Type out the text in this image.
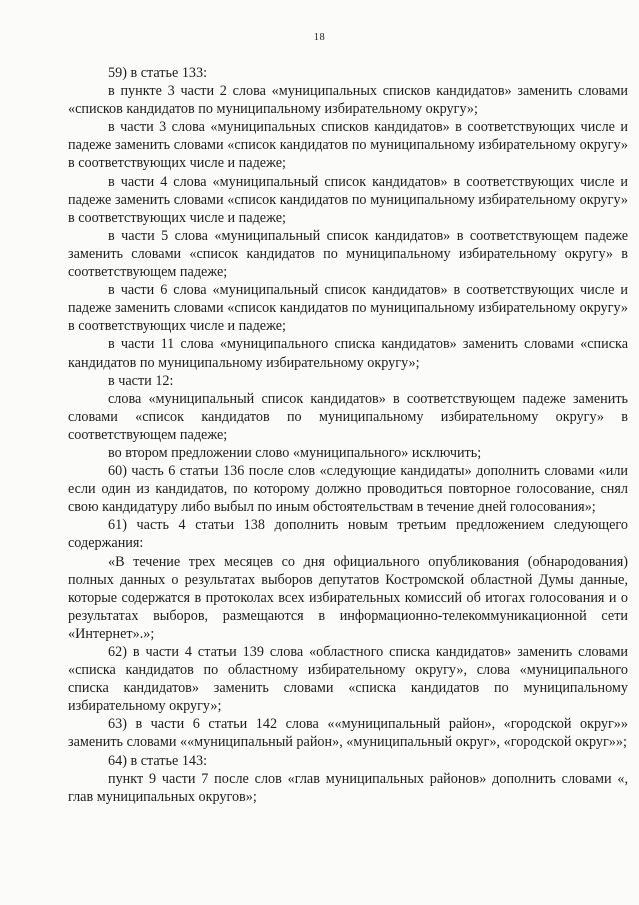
18

59) в статье 133:

в пункте 3 части 2 слова «муниципальных списков кандидатов» заменить словами «списков кандидатов по муниципальному избирательному округу»;

в части 3 слова «муниципальных списков кандидатов» в соответствующих числе и падеже заменить словами «список кандидатов по муниципальному избирательному округу» в соответствующих числе и падеже;

в части 4 слова «муниципальный список кандидатов» в соответствующих числе и падеже заменить словами «список кандидатов по муниципальному избирательному округу» в соответствующих числе и падеже;

в части 5 слова «муниципальный список кандидатов» в соответствующем падеже заменить словами «список кандидатов по муниципальному избирательному округу» в соответствующем падеже;

в части 6 слова «муниципальный список кандидатов» в соответствующих числе и падеже заменить словами «список кандидатов по муниципальному избирательному округу» в соответствующих числе и падеже;

в части 11 слова «муниципального списка кандидатов» заменить словами «списка кандидатов по муниципальному избирательному округу»;

в части 12:

слова «муниципальный список кандидатов» в соответствующем падеже заменить словами «список кандидатов по муниципальному избирательному округу» в соответствующем падеже;

во втором предложении слово «муниципального» исключить;

60) часть 6 статьи 136 после слов «следующие кандидаты» дополнить словами «или если один из кандидатов, по которому должно проводиться повторное голосование, снял свою кандидатуру либо выбыл по иным обстоятельствам в течение дней голосования»;

61) часть 4 статьи 138 дополнить новым третьим предложением следующего содержания:

«В течение трех месяцев со дня официального опубликования (обнародования) полных данных о результатах выборов депутатов Костромской областной Думы данные, которые содержатся в протоколах всех избирательных комиссий об итогах голосования и о результатах выборов, размещаются в информационно-телекоммуникационной сети «Интернет».»;

62) в части 4 статьи 139 слова «областного списка кандидатов» заменить словами «списка кандидатов по областному избирательному округу», слова «муниципального списка кандидатов» заменить словами «списка кандидатов по муниципальному избирательному округу»;

63) в части 6 статьи 142 слова ««муниципальный район», «городской округ»» заменить словами ««муниципальный район», «муниципальный округ», «городской округ»»;

64) в статье 143:

пункт 9 части 7 после слов «глав муниципальных районов» дополнить словами «, глав муниципальных округов»;
